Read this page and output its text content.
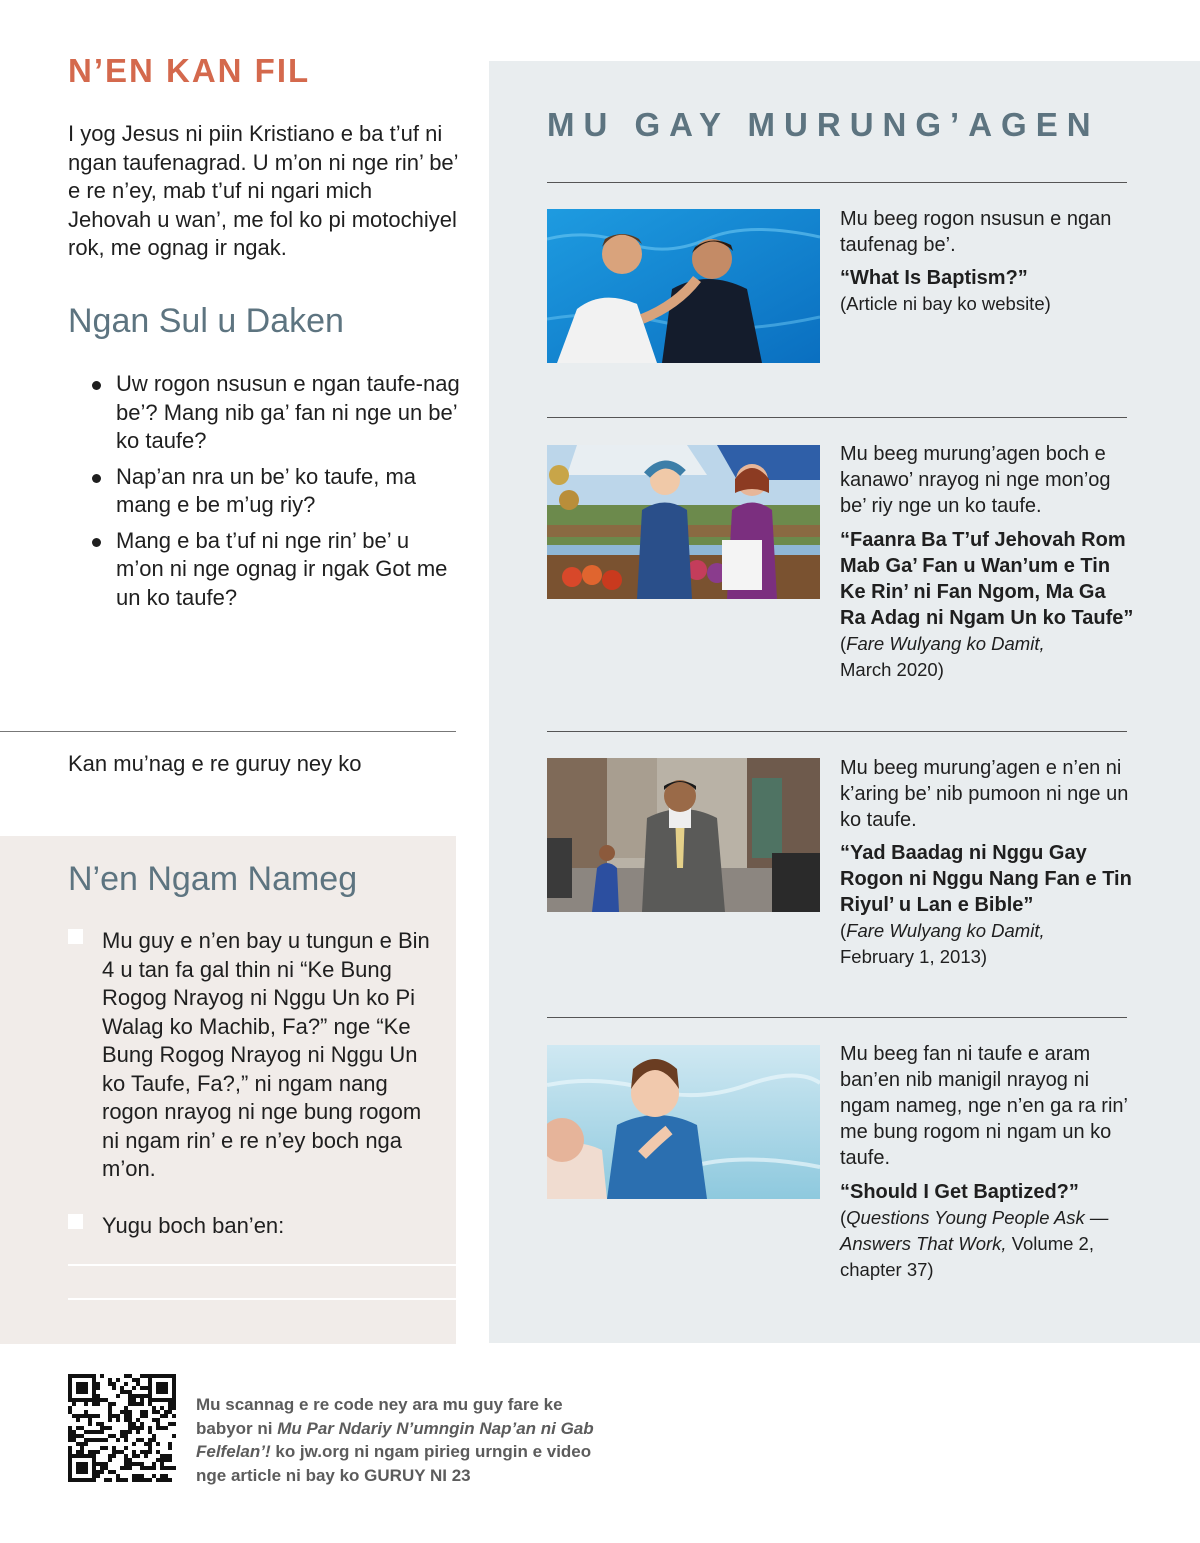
N’EN KAN FIL
I yog Jesus ni piin Kristiano e ba t’uf ni ngan taufenagrad. U m’on ni nge rin’ be’ e re n’ey, mab t’uf ni ngari mich Jehovah u wan’, me fol ko pi motochiyel rok, me ognag ir ngak.
Ngan Sul u Daken
Uw rogon nsusun e ngan taufe-nag be’? Mang nib ga’ fan ni nge un be’ ko taufe?
Nap’an nra un be’ ko taufe, ma mang e be m’ug riy?
Mang e ba t’uf ni nge rin’ be’ u m’on ni nge ognag ir ngak Got me un ko taufe?
Kan mu’nag e re guruy ney ko
N’en Ngam Nameg
Mu guy e n’en bay u tungun e Bin 4 u tan fa gal thin ni “Ke Bung Rogog Nrayog ni Nggu Un ko Pi Walag ko Machib, Fa?” nge “Ke Bung Rogog Nrayog ni Nggu Un ko Taufe, Fa?,” ni ngam nang rogon nrayog ni nge bung rogom ni ngam rin’ e re n’ey boch nga m’on.
Yugu boch ban’en:
MU GAY MURUNG’AGEN
Mu beeg rogon nsusun e ngan taufenag be’.
“What Is Baptism?”
(Article ni bay ko website)
Mu beeg murung’agen boch e kanawo’ nrayog ni nge mon’og be’ riy nge un ko taufe.
“Faanra Ba T’uf Jehovah Rom Mab Ga’ Fan u Wan’um e Tin Ke Rin’ ni Fan Ngom, Ma Ga Ra Adag ni Ngam Un ko Taufe”
(Fare Wulyang ko Damit,
March 2020)
Mu beeg murung’agen e n’en ni k’aring be’ nib pumoon ni nge un ko taufe.
“Yad Baadag ni Nggu Gay Rogon ni Nggu Nang Fan e Tin Riyul’ u Lan e Bible”
(Fare Wulyang ko Damit,
February 1, 2013)
Mu beeg fan ni taufe e aram ban’en nib manigil nrayog ni ngam nameg, nge n’en ga ra rin’ me bung rogom ni ngam un ko taufe.
“Should I Get Baptized?”
(Questions Young People Ask —Answers That Work, Volume 2, chapter 37)
Mu scannag e re code ney ara mu guy fare ke babyor ni Mu Par Ndariy N’umngin Nap’an ni Gab Felfelan’! ko jw.org ni ngam pirieg urngin e video nge article ni bay ko GURUY NI 23
